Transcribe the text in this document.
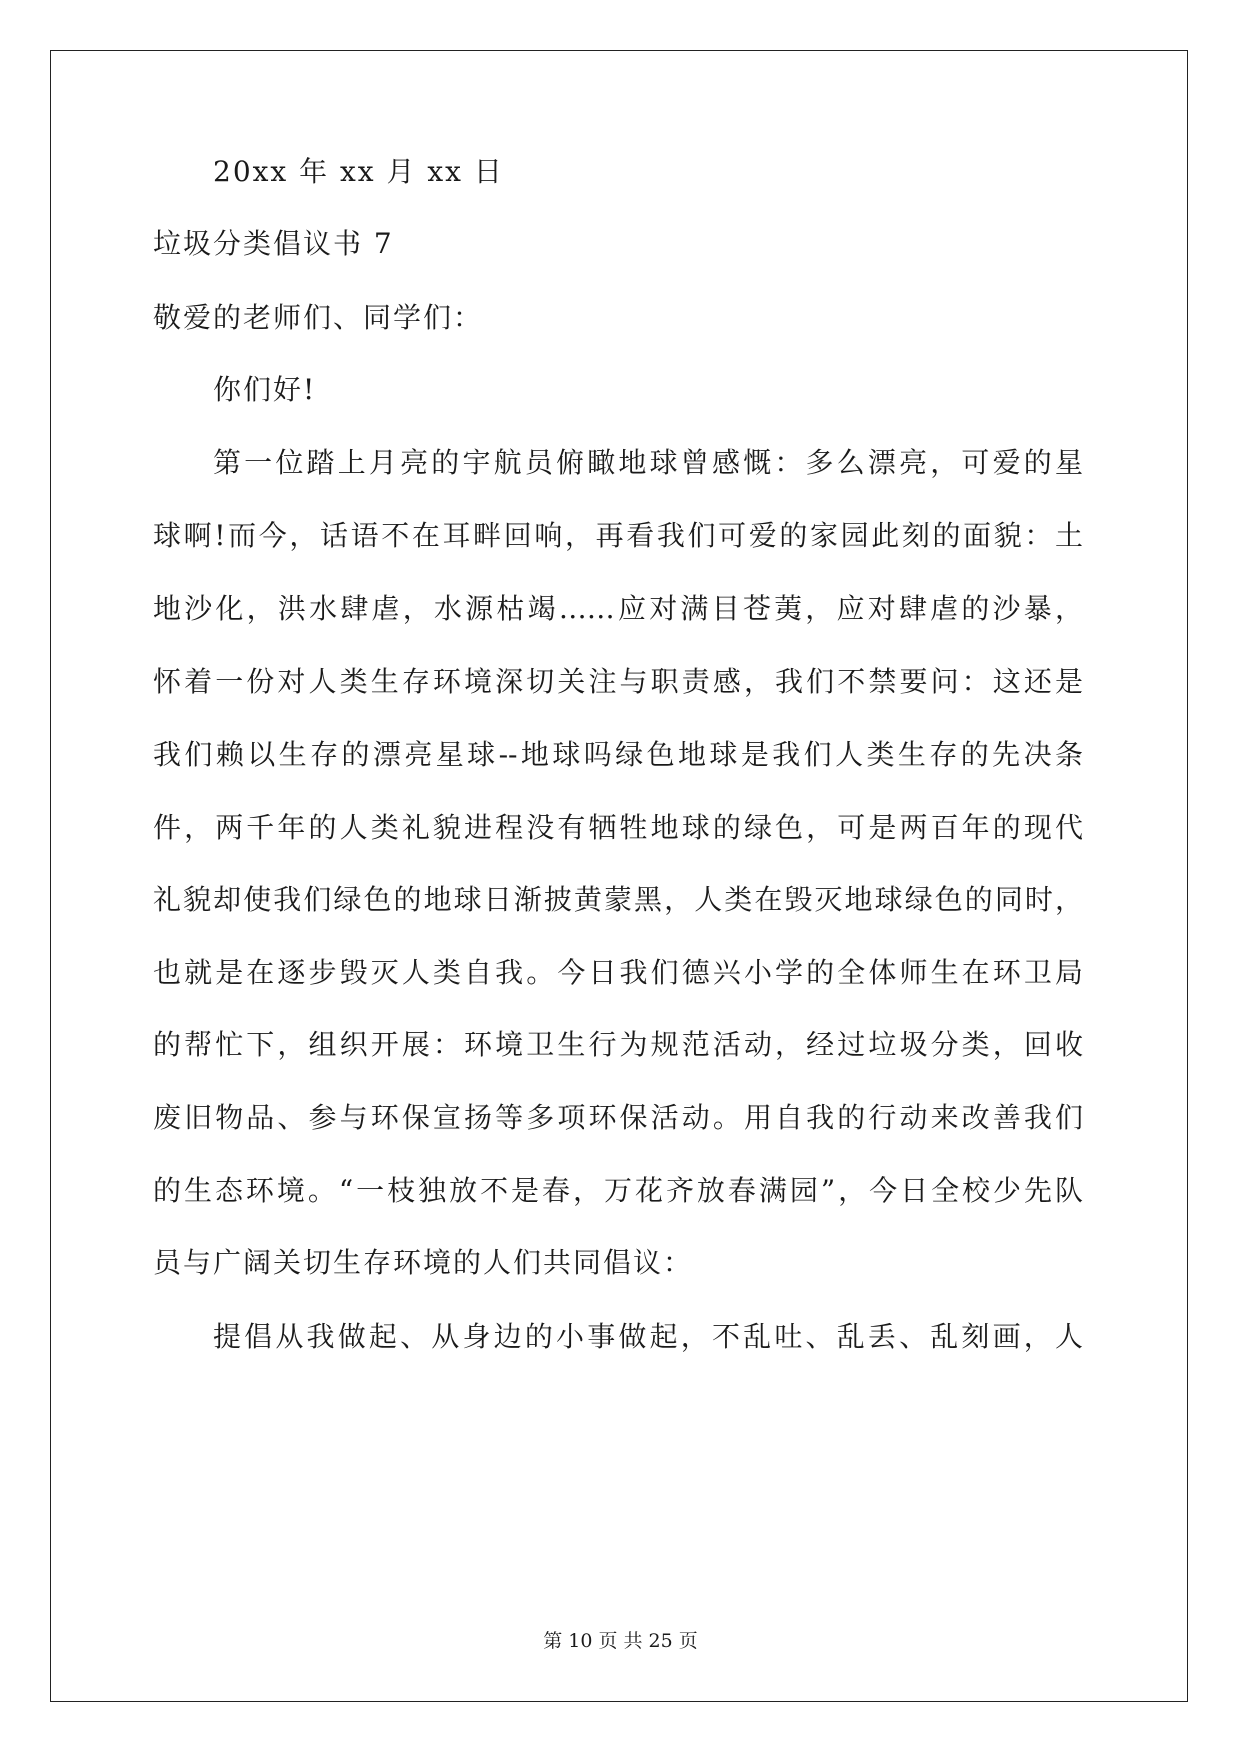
20xx 年 xx 月 xx 日
垃圾分类倡议书 7
敬爱的老师们、同学们：
你们好!
第一位踏上月亮的宇航员俯瞰地球曾感慨：多么漂亮，可爱的星
球啊!而今，话语不在耳畔回响，再看我们可爱的家园此刻的面貌：土
地沙化，洪水肆虐，水源枯竭……应对满目苍荑，应对肆虐的沙暴，
怀着一份对人类生存环境深切关注与职责感，我们不禁要问：这还是
我们赖以生存的漂亮星球--地球吗绿色地球是我们人类生存的先决条
件，两千年的人类礼貌进程没有牺牲地球的绿色，可是两百年的现代
礼貌却使我们绿色的地球日渐披黄蒙黑，人类在毁灭地球绿色的同时，
也就是在逐步毁灭人类自我。今日我们德兴小学的全体师生在环卫局
的帮忙下，组织开展：环境卫生行为规范活动，经过垃圾分类，回收
废旧物品、参与环保宣扬等多项环保活动。用自我的行动来改善我们
的生态环境。“一枝独放不是春，万花齐放春满园”，今日全校少先队
员与广阔关切生存环境的人们共同倡议：
提倡从我做起、从身边的小事做起，不乱吐、乱丢、乱刻画，人
第 10 页 共 25 页
